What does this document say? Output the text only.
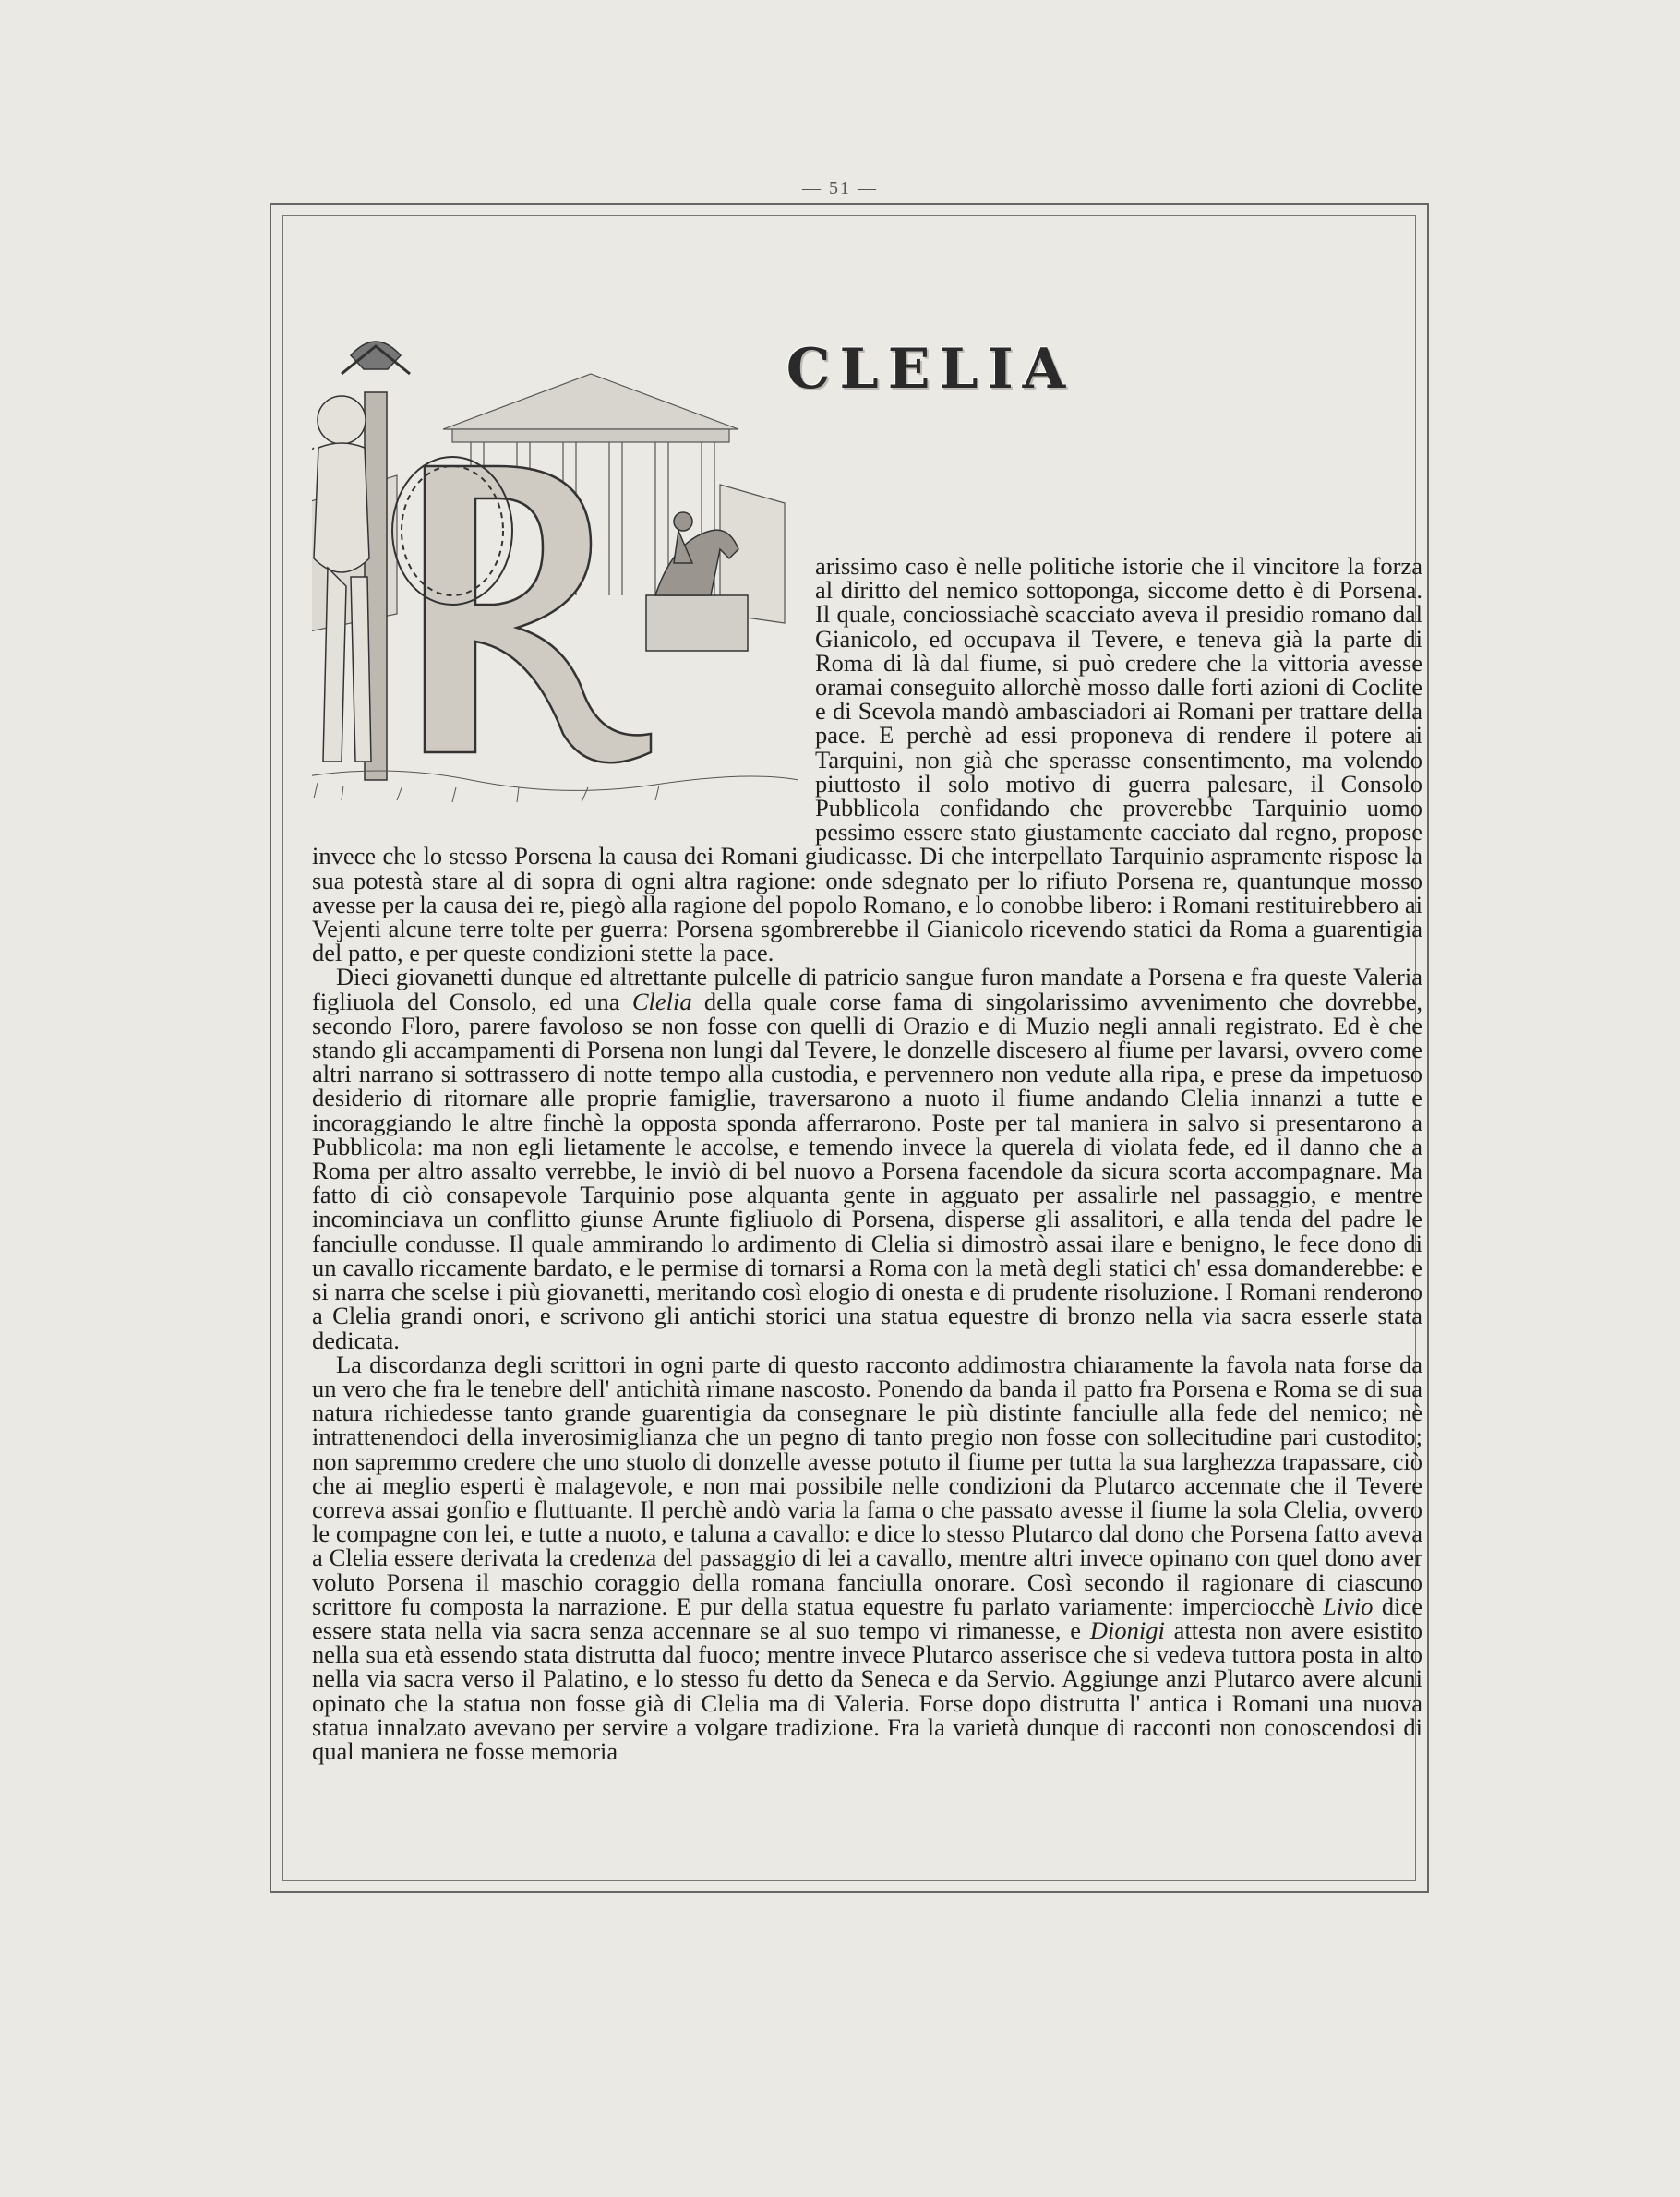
— 51 —
CLELIA

arissimo caso è nelle politiche istorie che il vincitore la forza al diritto del nemico sottoponga, siccome detto è di Porsena. Il quale, conciossiachè scacciato aveva il presidio romano dal Gianicolo, ed occupava il Tevere, e teneva già la parte di Roma di là dal fiume, si può credere che la vittoria avesse oramai conseguito allorchè mosso dalle forti azioni di Coclite e di Scevola mandò ambasciadori ai Romani per trattare della pace. E perchè ad essi proponeva di rendere il potere ai Tarquini, non già che sperasse consentimento, ma volendo piuttosto il solo motivo di guerra palesare, il Consolo Pubblicola confidando che proverebbe Tarquinio uomo pessimo essere stato giustamente cacciato dal regno, propose invece che lo stesso Porsena la causa dei Romani giudicasse. Di che interpellato Tarquinio aspramente rispose la sua potestà stare al di sopra di ogni altra ragione: onde sdegnato per lo rifiuto Porsena re, quantunque mosso avesse per la causa dei re, piegò alla ragione del popolo Romano, e lo conobbe libero: i Romani restituirebbero ai Vejenti alcune terre tolte per guerra: Porsena sgombrerebbe il Gianicolo ricevendo statici da Roma a guarentigia del patto, e per queste condizioni stette la pace.

Dieci giovanetti dunque ed altrettante pulcelle di patricio sangue furon mandate a Porsena e fra queste Valeria figliuola del Consolo, ed una Clelia della quale corse fama di singolarissimo avvenimento che dovrebbe, secondo Floro, parere favoloso se non fosse con quelli di Orazio e di Muzio negli annali registrato. Ed è che stando gli accampamenti di Porsena non lungi dal Tevere, le donzelle discesero al fiume per lavarsi, ovvero come altri narrano si sottrassero di notte tempo alla custodia, e pervennero non vedute alla ripa, e prese da impetuoso desiderio di ritornare alle proprie famiglie, traversarono a nuoto il fiume andando Clelia innanzi a tutte e incoraggiando le altre finchè la opposta sponda afferrarono. Poste per tal maniera in salvo si presentarono a Pubblicola: ma non egli lietamente le accolse, e temendo invece la querela di violata fede, ed il danno che a Roma per altro assalto verrebbe, le inviò di bel nuovo a Porsena facendole da sicura scorta accompagnare. Ma fatto di ciò consapevole Tarquinio pose alquanta gente in agguato per assalirle nel passaggio, e mentre incominciava un conflitto giunse Arunte figliuolo di Porsena, disperse gli assalitori, e alla tenda del padre le fanciulle condusse. Il quale ammirando lo ardimento di Clelia si dimostrò assai ilare e benigno, le fece dono di un cavallo riccamente bardato, e le permise di tornarsi a Roma con la metà degli statici ch' essa domanderebbe: e si narra che scelse i più giovanetti, meritando così elogio di onesta e di prudente risoluzione. I Romani renderono a Clelia grandi onori, e scrivono gli antichi storici una statua equestre di bronzo nella via sacra esserle stata dedicata.

La discordanza degli scrittori in ogni parte di questo racconto addimostra chiaramente la favola nata forse da un vero che fra le tenebre dell' antichità rimane nascosto. Ponendo da banda il patto fra Porsena e Roma se di sua natura richiedesse tanto grande guarentigia da consegnare le più distinte fanciulle alla fede del nemico; nè intrattenendoci della inverosimiglianza che un pegno di tanto pregio non fosse con sollecitudine pari custodito; non sapremmo credere che uno stuolo di donzelle avesse potuto il fiume per tutta la sua larghezza trapassare, ciò che ai meglio esperti è malagevole, e non mai possibile nelle condizioni da Plutarco accennate che il Tevere correva assai gonfio e fluttuante. Il perchè andò varia la fama o che passato avesse il fiume la sola Clelia, ovvero le compagne con lei, e tutte a nuoto, e taluna a cavallo: e dice lo stesso Plutarco dal dono che Porsena fatto aveva a Clelia essere derivata la credenza del passaggio di lei a cavallo, mentre altri invece opinano con quel dono aver voluto Porsena il maschio coraggio della romana fanciulla onorare. Così secondo il ragionare di ciascuno scrittore fu composta la narrazione. E pur della statua equestre fu parlato variamente: imperciocchè Livio dice essere stata nella via sacra senza accennare se al suo tempo vi rimanesse, e Dionigi attesta non avere esistito nella sua età essendo stata distrutta dal fuoco; mentre invece Plutarco asserisce che si vedeva tuttora posta in alto nella via sacra verso il Palatino, e lo stesso fu detto da Seneca e da Servio. Aggiunge anzi Plutarco avere alcuni opinato che la statua non fosse già di Clelia ma di Valeria. Forse dopo distrutta l' antica i Romani una nuova statua innalzato avevano per servire a volgare tradizione. Fra la varietà dunque di racconti non conoscendosi di qual maniera ne fosse memoria
